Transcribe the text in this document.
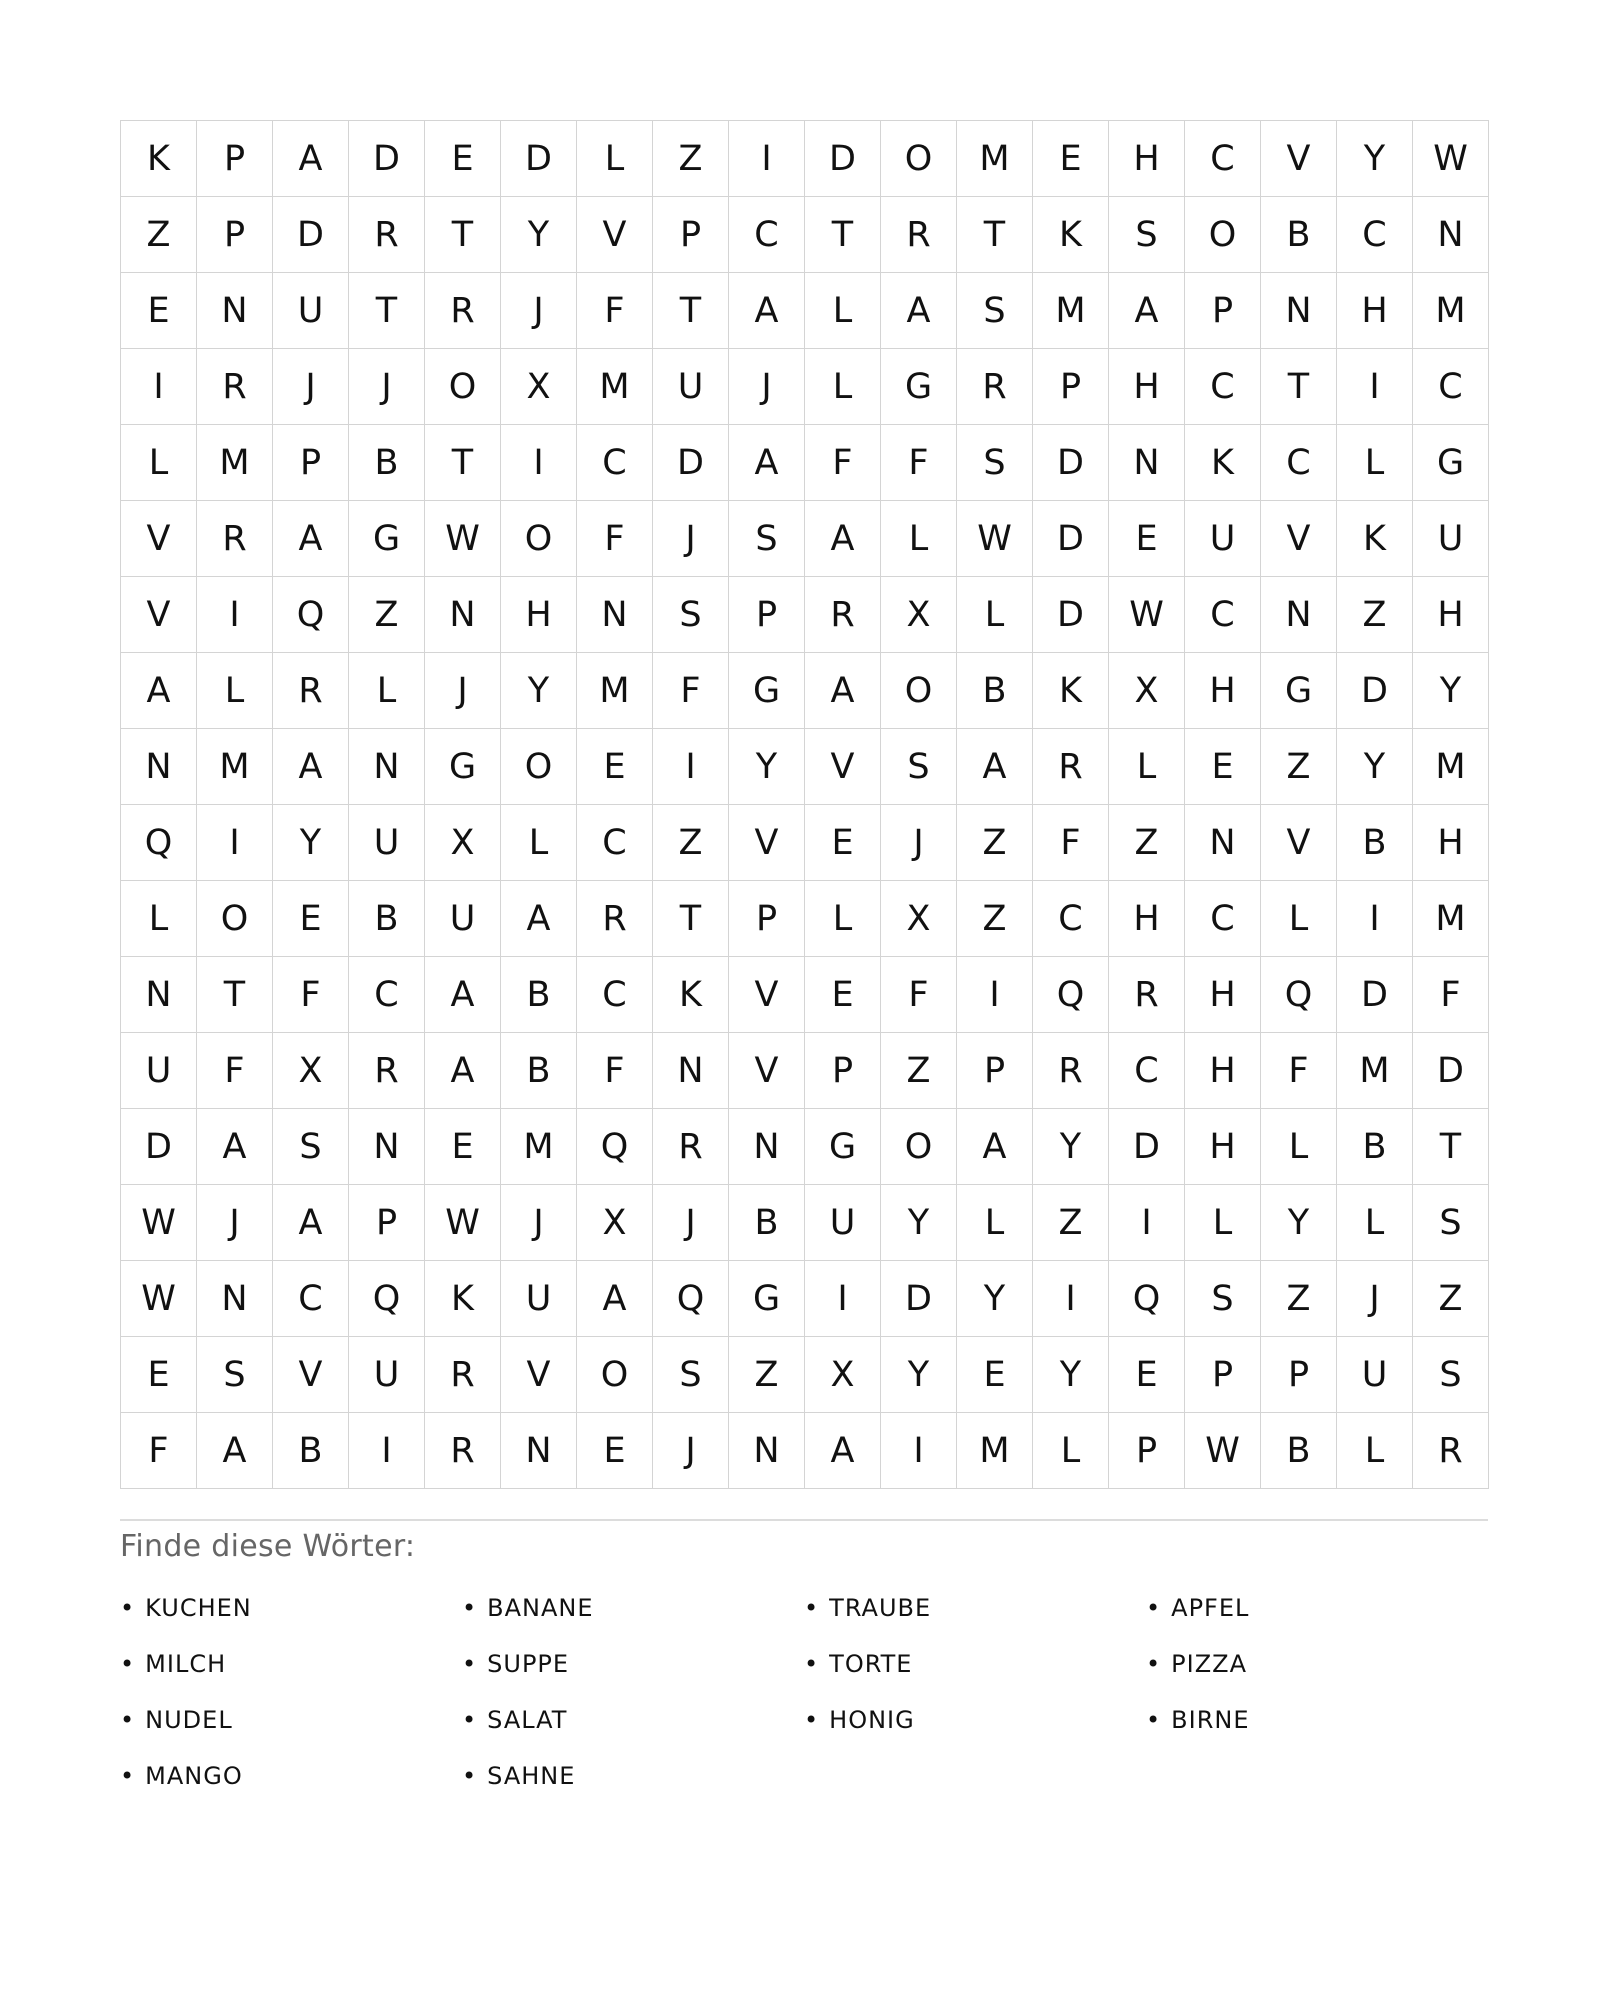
K	P	A	D	E	D	L	Z	I	D	O	M	E	H	C	V	Y	W
Z	P	D	R	T	Y	V	P	C	T	R	T	K	S	O	B	C	N
E	N	U	T	R	J	F	T	A	L	A	S	M	A	P	N	H	M
I	R	J	J	O	X	M	U	J	L	G	R	P	H	C	T	I	C
L	M	P	B	T	I	C	D	A	F	F	S	D	N	K	C	L	G
V	R	A	G	W	O	F	J	S	A	L	W	D	E	U	V	K	U
V	I	Q	Z	N	H	N	S	P	R	X	L	D	W	C	N	Z	H
A	L	R	L	J	Y	M	F	G	A	O	B	K	X	H	G	D	Y
N	M	A	N	G	O	E	I	Y	V	S	A	R	L	E	Z	Y	M
Q	I	Y	U	X	L	C	Z	V	E	J	Z	F	Z	N	V	B	H
L	O	E	B	U	A	R	T	P	L	X	Z	C	H	C	L	I	M
N	T	F	C	A	B	C	K	V	E	F	I	Q	R	H	Q	D	F
U	F	X	R	A	B	F	N	V	P	Z	P	R	C	H	F	M	D
D	A	S	N	E	M	Q	R	N	G	O	A	Y	D	H	L	B	T
W	J	A	P	W	J	X	J	B	U	Y	L	Z	I	L	Y	L	S
W	N	C	Q	K	U	A	Q	G	I	D	Y	I	Q	S	Z	J	Z
E	S	V	U	R	V	O	S	Z	X	Y	E	Y	E	P	P	U	S
F	A	B	I	R	N	E	J	N	A	I	M	L	P	W	B	L	R
Finde diese Wörter:
• KUCHEN	• BANANE	• TRAUBE	• APFEL
• MILCH	• SUPPE	• TORTE	• PIZZA
• NUDEL	• SALAT	• HONIG	• BIRNE
• MANGO	• SAHNE
